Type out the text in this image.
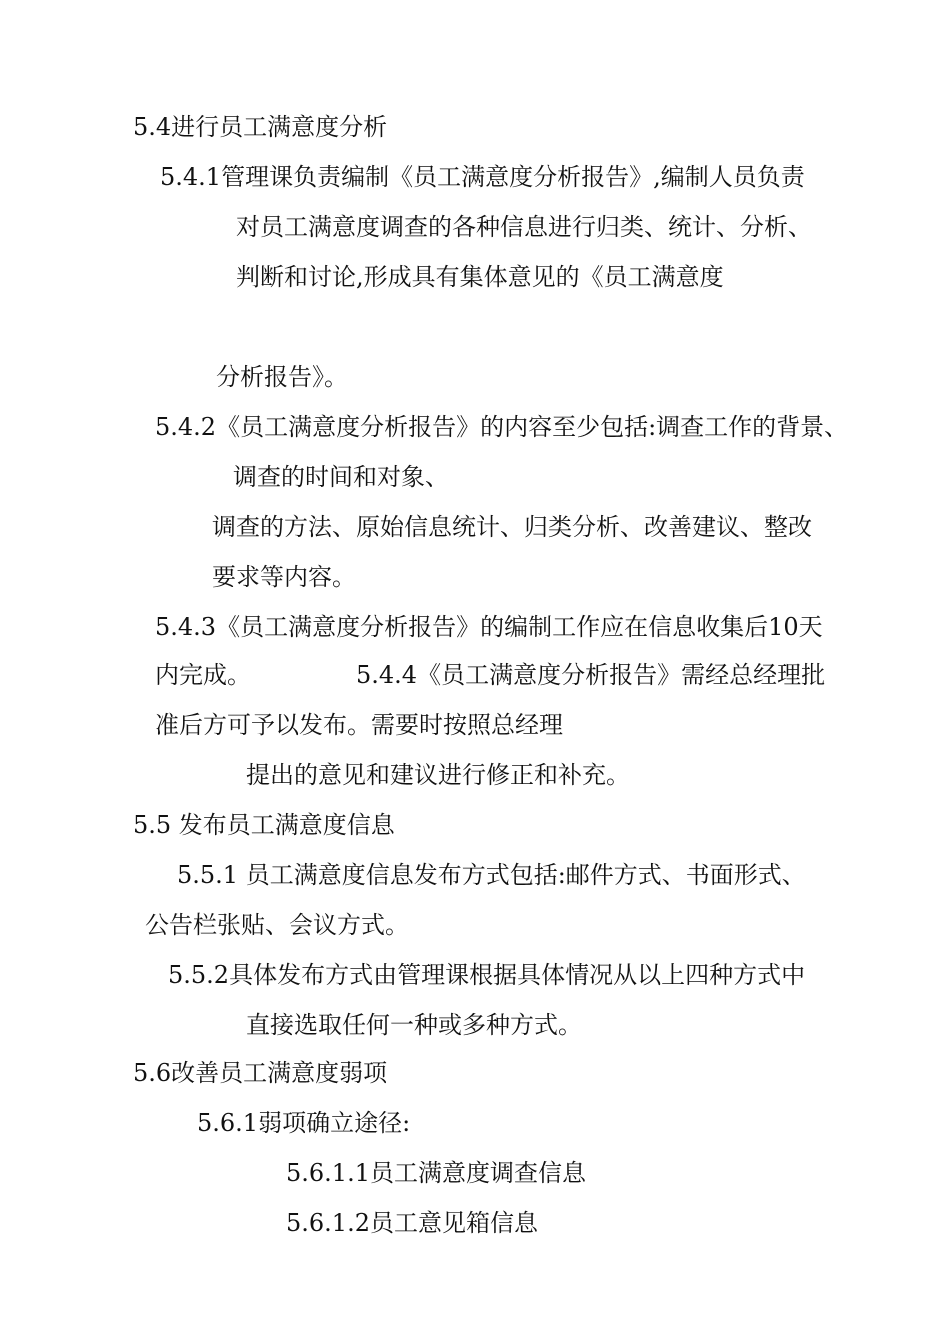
5.4进行员工满意度分析
5.4.1管理课负责编制《员工满意度分析报告》,编制人员负责
对员工满意度调查的各种信息进行归类、统计、分析、
判断和讨论,形成具有集体意见的《员工满意度
分析报告》。
5.4.2《员工满意度分析报告》的内容至少包括:调查工作的背景、
调查的时间和对象、
调查的方法、原始信息统计、归类分析、改善建议、整改
要求等内容。
5.4.3《员工满意度分析报告》的编制工作应在信息收集后10天
内完成。	5.4.4《员工满意度分析报告》需经总经理批
准后方可予以发布。需要时按照总经理
提出的意见和建议进行修正和补充。
5.5 发布员工满意度信息
5.5.1 员工满意度信息发布方式包括:邮件方式、书面形式、
公告栏张贴、会议方式。
5.5.2具体发布方式由管理课根据具体情况从以上四种方式中
直接选取任何一种或多种方式。
5.6改善员工满意度弱项
5.6.1弱项确立途径:
5.6.1.1员工满意度调查信息
5.6.1.2员工意见箱信息
